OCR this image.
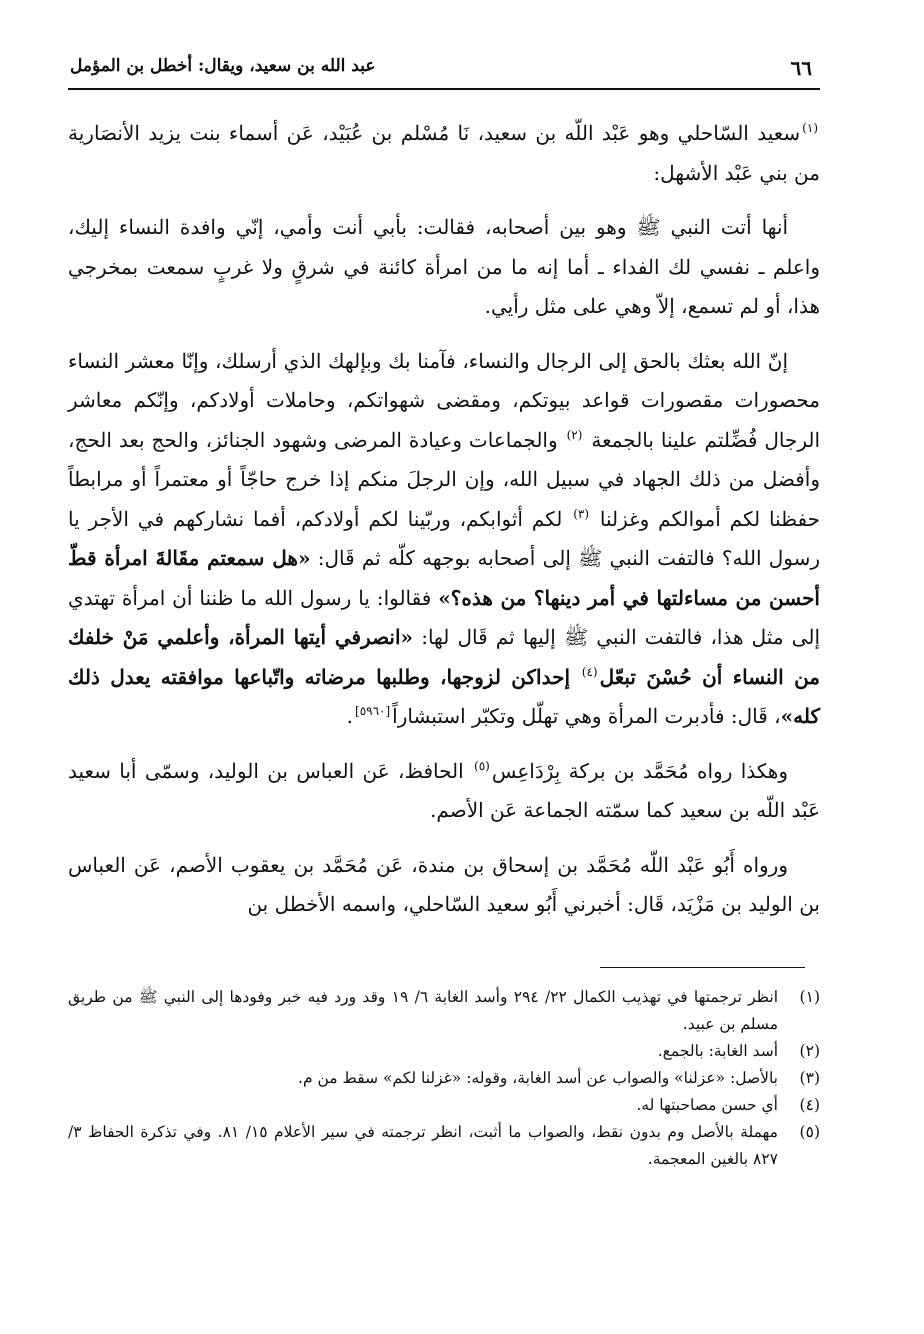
٦٦
عبد الله بن سعيد، ويقال: أخطل بن المؤمل

$^{(١)}$سعيد السّاحلي وهو عَبْد اللّه بن سعيد، نَا مُسْلم بن عُبَيْد، عَن أسماء بنت يزيد الأنصَارية من بني عَبْد الأشهل:

أنها أتت النبي ﷺ وهو بين أصحابه، فقالت: بأبي أنت وأمي، إنّي وافدة النساء إليك، واعلم ـ نفسي لك الفداء ـ أما إنه ما من امرأة كائنة في شرقٍ ولا غربٍ سمعت بمخرجي هذا، أو لم تسمع، إلاّ وهي على مثل رأيي.

إنّ الله بعثك بالحق إلى الرجال والنساء، فآمنا بك وبإلهك الذي أرسلك، وإنّا معشر النساء محصورات مقصورات قواعد بيوتكم، ومقضى شهواتكم، وحاملات أولادكم، وإنّكم معاشر الرجال فُضِّلتم علينا بالجمعة $^{(٢)}$ والجماعات وعيادة المرضى وشهود الجنائز، والحج بعد الحج، وأفضل من ذلك الجهاد في سبيل الله، وإن الرجلَ منكم إذا خرج حاجّاً أو معتمراً أو مرابطاً حفظنا لكم أموالكم وغزلنا $^{(٣)}$ لكم أثوابكم، وربّينا لكم أولادكم، أفما نشاركهم في الأجر يا رسول الله؟ فالتفت النبي ﷺ إلى أصحابه بوجهه كلّه ثم قَال: «هل سمعتم مقَالةَ امرأة قطّ أحسن من مساءلتها في أمر دينها؟ من هذه؟» فقالوا: يا رسول الله ما ظننا أن امرأة تهتدي إلى مثل هذا، فالتفت النبي ﷺ إليها ثم قَال لها: «انصرفي أيتها المرأة، وأعلمي مَنْ خلفك من النساء أن حُسْنَ تبعّل$^{(٤)}$ إحداكن لزوجها، وطلبها مرضاته واتّباعها موافقته يعدل ذلك كله»، قَال: فأدبرت المرأة وهي تهلّل وتكبّر استبشاراً[٥٩٦٠].

وهكذا رواه مُحَمَّد بن بركة بِرْدَاعِس$^{(٥)}$ الحافظ، عَن العباس بن الوليد، وسمّى أبا سعيد عَبْد اللّه بن سعيد كما سمّته الجماعة عَن الأصم.

ورواه أَبُو عَبْد اللّه مُحَمَّد بن إسحاق بن مندة، عَن مُحَمَّد بن يعقوب الأصم، عَن العباس بن الوليد بن مَزْيَد، قَال: أخبرني أَبُو سعيد السّاحلي، واسمه الأخطل بن

(١)
انظر ترجمتها في تهذيب الكمال ٢٢/ ٢٩٤ وأسد الغابة ٦/ ١٩ وقد ورد فيه خبر وفودها إلى النبي ﷺ من طريق مسلم بن عبيد.
(٢)
أسد الغابة: بالجمع.
(٣)
بالأصل: «عزلنا» والصواب عن أسد الغابة، وقوله: «غزلنا لكم» سقط من م.
(٤)
أي حسن مصاحبتها له.
(٥)
مهملة بالأصل وم بدون نقط، والصواب ما أثبت، انظر ترجمته في سير الأعلام ١٥/ ٨١. وفي تذكرة الحفاظ ٣/ ٨٢٧ بالغين المعجمة.
